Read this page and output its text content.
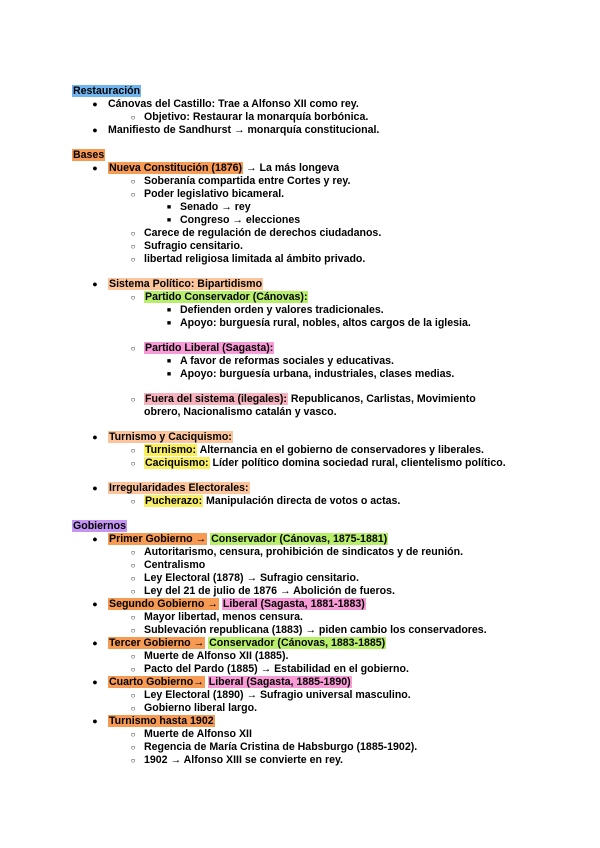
Restauración
● Cánovas del Castillo: Trae a Alfonso XII como rey.
○ Objetivo: Restaurar la monarquía borbónica.
● Manifiesto de Sandhurst → monarquía constitucional.
Bases
● Nueva Constitución (1876) → La más longeva
○ Soberanía compartida entre Cortes y rey.
○ Poder legislativo bicameral.
■ Senado → rey
■ Congreso → elecciones
○ Carece de regulación de derechos ciudadanos.
○ Sufragio censitario.
○ libertad religiosa limitada al ámbito privado.
● Sistema Político: Bipartidismo
○ Partido Conservador (Cánovas):
■ Defienden orden y valores tradicionales.
■ Apoyo: burguesía rural, nobles, altos cargos de la iglesia.
○ Partido Liberal (Sagasta):
■ A favor de reformas sociales y educativas.
■ Apoyo: burguesía urbana, industriales, clases medias.
○ Fuera del sistema (ilegales): Republicanos, Carlistas, Movimiento obrero, Nacionalismo catalán y vasco.
● Turnismo y Caciquismo:
○ Turnismo: Alternancia en el gobierno de conservadores y liberales.
○ Caciquismo: Líder político domina sociedad rural, clientelismo político.
● Irregularidades Electorales:
○ Pucherazo: Manipulación directa de votos o actas.
Gobiernos
● Primer Gobierno → Conservador (Cánovas, 1875-1881)
○ Autoritarismo, censura, prohibición de sindicatos y de reunión.
○ Centralismo
○ Ley Electoral (1878) → Sufragio censitario.
○ Ley del 21 de julio de 1876 → Abolición de fueros.
● Segundo Gobierno → Liberal (Sagasta, 1881-1883)
○ Mayor libertad, menos censura.
○ Sublevación republicana (1883) → piden cambio los conservadores.
● Tercer Gobierno → Conservador (Cánovas, 1883-1885)
○ Muerte de Alfonso XII (1885).
○ Pacto del Pardo (1885) → Estabilidad en el gobierno.
● Cuarto Gobierno→ Liberal (Sagasta, 1885-1890)
○ Ley Electoral (1890) → Sufragio universal masculino.
○ Gobierno liberal largo.
● Turnismo hasta 1902
○ Muerte de Alfonso XII
○ Regencia de María Cristina de Habsburgo (1885-1902).
○ 1902 → Alfonso XIII se convierte en rey.
